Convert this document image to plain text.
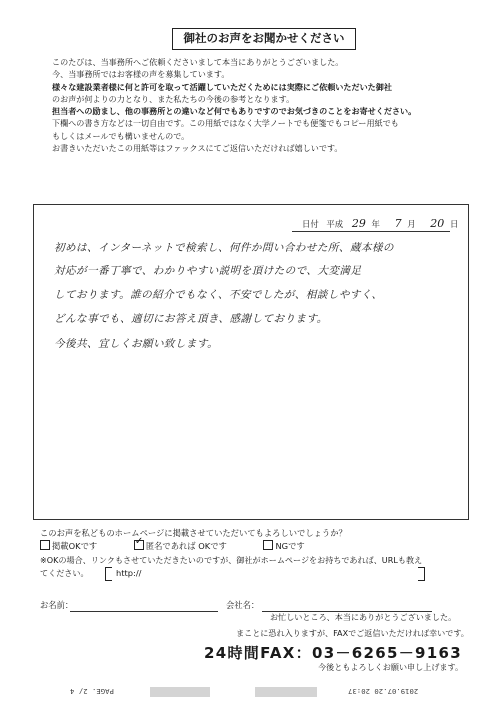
御社のお声をお聞かせください
このたびは、当事務所へご依頼くださいまして本当にありがとうございました。
今、当事務所ではお客様の声を募集しています。
様々な建設業者様に何と許可を取って活躍していただくためには実際にご依頼いただいた御社
のお声が何よりの力となり、また私たちの今後の参考となります。
担当者への励まし、他の事務所との違いなど何でもありですのでお気づきのことをお寄せください。
下欄への書き方などは一切自由です。この用紙ではなく大学ノートでも便箋でもコピー用紙でも
もしくはメールでも構いませんので。
お書きいただいたこの用紙等はファックスにてご返信いただければ嬉しいです。
日付 平成 29 年 7 月 20 日
初めは、インターネットで検索し、何件か問い合わせた所、蔵本様の
対応が一番丁寧で、わかりやすい説明を頂けたので、大変満足
しております。誰の紹介でもなく、不安でしたが、相談しやすく、
どんな事でも、適切にお答え頂き、感謝しております。
今後共、宜しくお願い致します。
このお声を私どものホームページに掲載させていただいてもよろしいでしょうか？
掲載OKです ✓	匿名であれば OKです	NGです
※OKの場合、リンクもさせていただきたいのですが、御社がホームページをお持ちであれば、URLも教え
てください。	http://
お名前：	会社名：
お忙しいところ、本当にありがとうございました。
まことに恐れ入りますが、FAXでご返信いただければ幸いです。
24時間FAX：03－6265－9163
今後ともよろしくお願い申し上げます。
PAGE. 2/ 4	2019.07.20 20:37
